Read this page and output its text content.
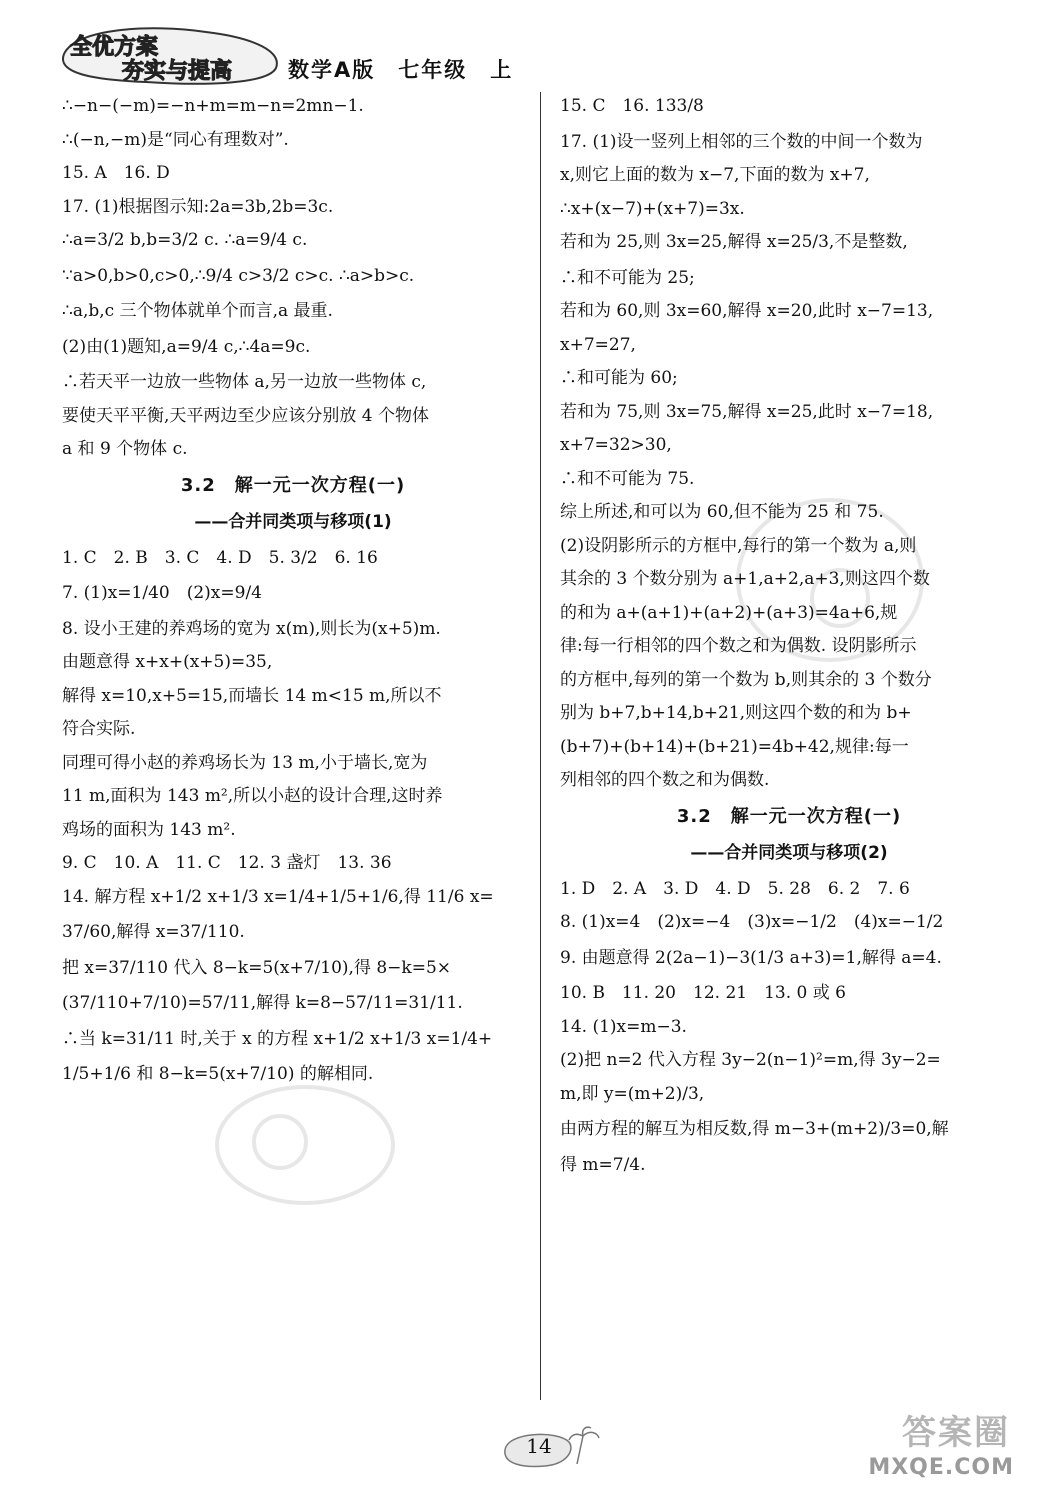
全优方案
夯实与提高	数学A版　七年级　上
∴−n−(−m)=−n+m=m−n=2mn−1.
∴(−n,−m)是“同心有理数对”.
15. A　16. D
17. (1)根据图示知:2a=3b,2b=3c.
∴a=3/2 b,b=3/2 c. ∴a=9/4 c.
∵a>0,b>0,c>0,∴9/4 c>3/2 c>c. ∴a>b>c.
∴a,b,c 三个物体就单个而言,a 最重.
(2)由(1)题知,a=9/4 c,∴4a=9c.
∴若天平一边放一些物体 a,另一边放一些物体 c,
要使天平平衡,天平两边至少应该分别放 4 个物体
a 和 9 个物体 c.
3.2　解一元一次方程(一)
——合并同类项与移项(1)
1. C　2. B　3. C　4. D　5. 3/2　6. 16
7. (1)x=1/40　(2)x=9/4
8. 设小王建的养鸡场的宽为 x(m),则长为(x+5)m.
由题意得 x+x+(x+5)=35,
解得 x=10,x+5=15,而墙长 14 m<15 m,所以不
符合实际.
同理可得小赵的养鸡场长为 13 m,小于墙长,宽为
11 m,面积为 143 m²,所以小赵的设计合理,这时养
鸡场的面积为 143 m².
9. C　10. A　11. C　12. 3 盏灯　13. 36
14. 解方程 x+1/2 x+1/3 x=1/4+1/5+1/6,得 11/6 x=
37/60,解得 x=37/110.
把 x=37/110 代入 8−k=5(x+7/10),得 8−k=5×
(37/110+7/10)=57/11,解得 k=8−57/11=31/11.
∴当 k=31/11 时,关于 x 的方程 x+1/2 x+1/3 x=1/4+
1/5+1/6 和 8−k=5(x+7/10) 的解相同.
15. C　16. 133/8
17. (1)设一竖列上相邻的三个数的中间一个数为
x,则它上面的数为 x−7,下面的数为 x+7,
∴x+(x−7)+(x+7)=3x.
若和为 25,则 3x=25,解得 x=25/3,不是整数,
∴和不可能为 25;
若和为 60,则 3x=60,解得 x=20,此时 x−7=13,
x+7=27,
∴和可能为 60;
若和为 75,则 3x=75,解得 x=25,此时 x−7=18,
x+7=32>30,
∴和不可能为 75.
综上所述,和可以为 60,但不能为 25 和 75.
(2)设阴影所示的方框中,每行的第一个数为 a,则
其余的 3 个数分别为 a+1,a+2,a+3,则这四个数
的和为 a+(a+1)+(a+2)+(a+3)=4a+6,规
律:每一行相邻的四个数之和为偶数. 设阴影所示
的方框中,每列的第一个数为 b,则其余的 3 个数分
别为 b+7,b+14,b+21,则这四个数的和为 b+
(b+7)+(b+14)+(b+21)=4b+42,规律:每一
列相邻的四个数之和为偶数.
3.2　解一元一次方程(一)
——合并同类项与移项(2)
1. D　2. A　3. D　4. D　5. 28　6. 2　7. 6
8. (1)x=4　(2)x=−4　(3)x=−1/2　(4)x=−1/2
9. 由题意得 2(2a−1)−3(1/3 a+3)=1,解得 a=4.
10. B　11. 20　12. 21　13. 0 或 6
14. (1)x=m−3.
(2)把 n=2 代入方程 3y−2(n−1)²=m,得 3y−2=
m,即 y=(m+2)/3,
由两方程的解互为相反数,得 m−3+(m+2)/3=0,解
得 m=7/4.
14	答案圈
MXQE.COM
